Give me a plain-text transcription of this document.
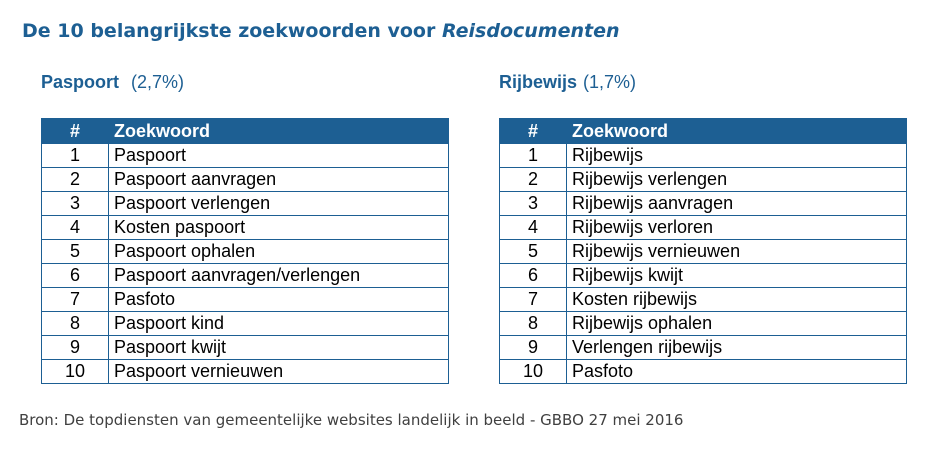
De 10 belangrijkste zoekwoorden voor Reisdocumenten
Paspoort (2,7%)
#	Zoekwoord
1	Paspoort
2	Paspoort aanvragen
3	Paspoort verlengen
4	Kosten paspoort
5	Paspoort ophalen
6	Paspoort aanvragen/verlengen
7	Pasfoto
8	Paspoort kind
9	Paspoort kwijt
10	Paspoort vernieuwen
Rijbewijs (1,7%)
#	Zoekwoord
1	Rijbewijs
2	Rijbewijs verlengen
3	Rijbewijs aanvragen
4	Rijbewijs verloren
5	Rijbewijs vernieuwen
6	Rijbewijs kwijt
7	Kosten rijbewijs
8	Rijbewijs ophalen
9	Verlengen rijbewijs
10	Pasfoto
Bron: De topdiensten van gemeentelijke websites landelijk in beeld - GBBO 27 mei 2016
